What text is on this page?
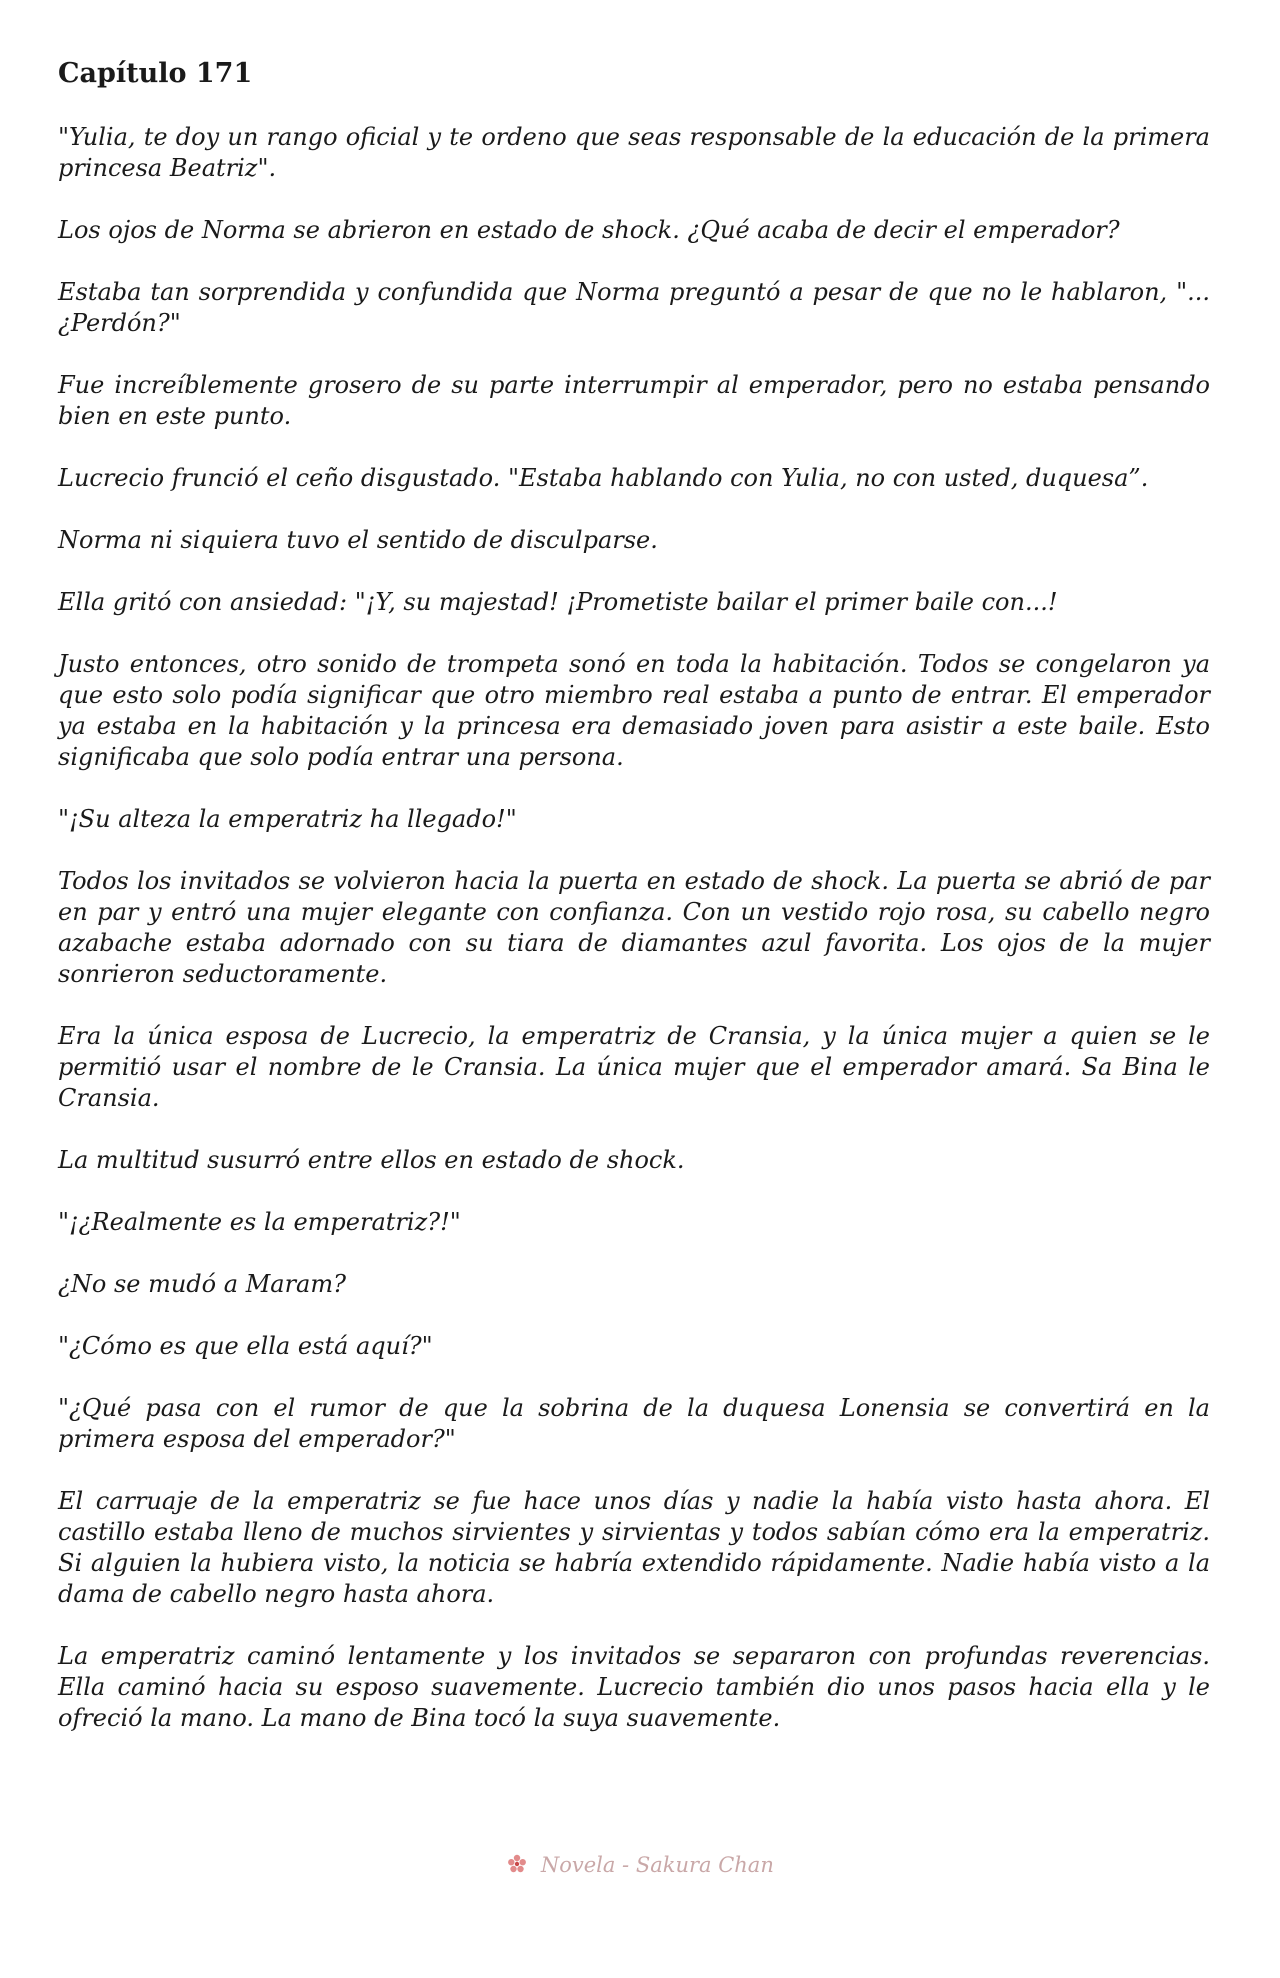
Capítulo 171

"Yulia, te doy un rango oficial y te ordeno que seas responsable de la educación de la primera princesa Beatriz".

Los ojos de Norma se abrieron en estado de shock. ¿Qué acaba de decir el emperador?

Estaba tan sorprendida y confundida que Norma preguntó a pesar de que no le hablaron, "... ¿Perdón?"

Fue increíblemente grosero de su parte interrumpir al emperador, pero no estaba pensando bien en este punto.

Lucrecio frunció el ceño disgustado. "Estaba hablando con Yulia, no con usted, duquesa”.

Norma ni siquiera tuvo el sentido de disculparse.

Ella gritó con ansiedad: "¡Y, su majestad! ¡Prometiste bailar el primer baile con...!

Justo entonces, otro sonido de trompeta sonó en toda la habitación. Todos se congelaron ya que esto solo podía significar que otro miembro real estaba a punto de entrar. El emperador ya estaba en la habitación y la princesa era demasiado joven para asistir a este baile. Esto significaba que solo podía entrar una persona.

"¡Su alteza la emperatriz ha llegado!"

Todos los invitados se volvieron hacia la puerta en estado de shock. La puerta se abrió de par en par y entró una mujer elegante con confianza. Con un vestido rojo rosa, su cabello negro azabache estaba adornado con su tiara de diamantes azul favorita. Los ojos de la mujer sonrieron seductoramente.

Era la única esposa de Lucrecio, la emperatriz de Cransia, y la única mujer a quien se le permitió usar el nombre de le Cransia. La única mujer que el emperador amará. Sa Bina le Cransia.

La multitud susurró entre ellos en estado de shock.

"¡¿Realmente es la emperatriz?!"

¿No se mudó a Maram?

"¿Cómo es que ella está aquí?"

"¿Qué pasa con el rumor de que la sobrina de la duquesa Lonensia se convertirá en la primera esposa del emperador?"

El carruaje de la emperatriz se fue hace unos días y nadie la había visto hasta ahora. El castillo estaba lleno de muchos sirvientes y sirvientas y todos sabían cómo era la emperatriz. Si alguien la hubiera visto, la noticia se habría extendido rápidamente. Nadie había visto a la dama de cabello negro hasta ahora.

La emperatriz caminó lentamente y los invitados se separaron con profundas reverencias. Ella caminó hacia su esposo suavemente. Lucrecio también dio unos pasos hacia ella y le ofreció la mano. La mano de Bina tocó la suya suavemente.

Novela - Sakura Chan
